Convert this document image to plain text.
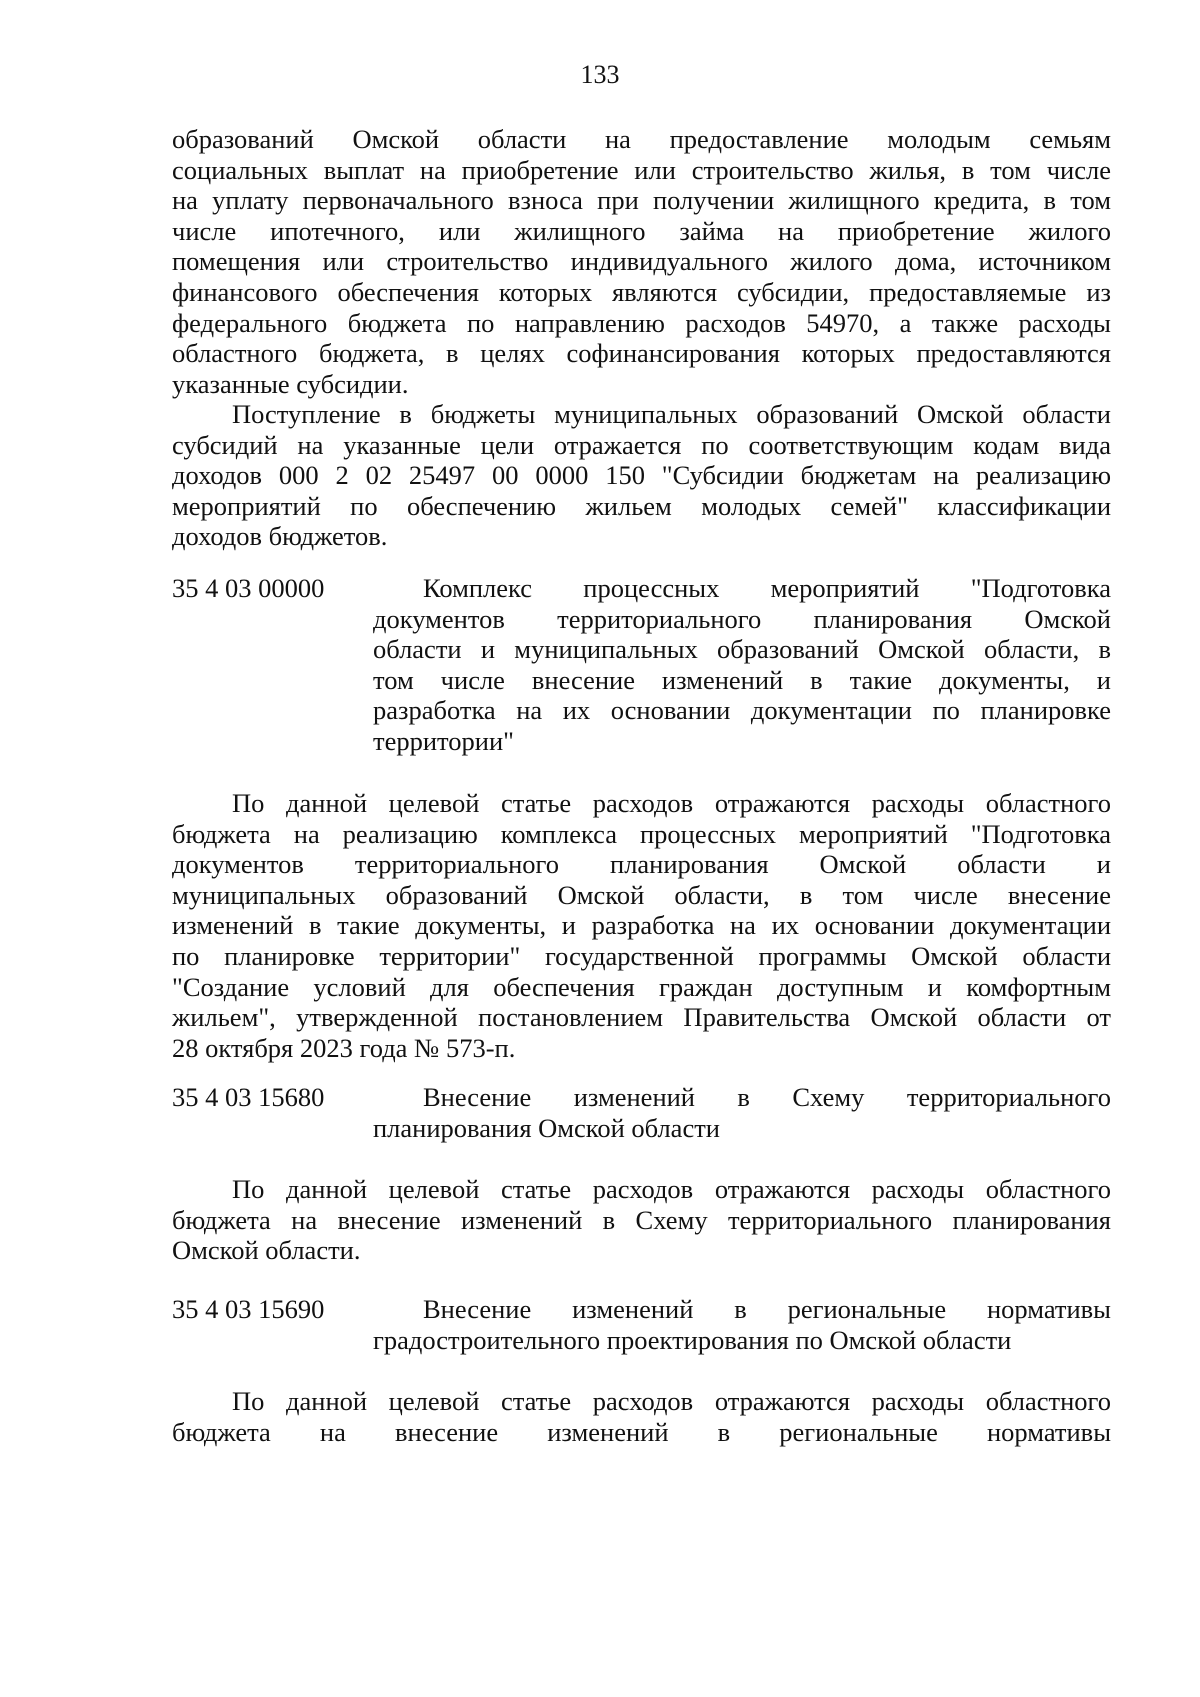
133
образований Омской области на предоставление молодым семьям
социальных выплат на приобретение или строительство жилья, в том числе
на уплату первоначального взноса при получении жилищного кредита, в том
числе ипотечного, или жилищного займа на приобретение жилого
помещения или строительство индивидуального жилого дома, источником
финансового обеспечения которых являются субсидии, предоставляемые из
федерального бюджета по направлению расходов 54970, а также расходы
областного бюджета, в целях софинансирования которых предоставляются
указанные субсидии.
Поступление в бюджеты муниципальных образований Омской области
субсидий на указанные цели отражается по соответствующим кодам вида
доходов 000 2 02 25497 00 0000 150 "Субсидии бюджетам на реализацию
мероприятий по обеспечению жильем молодых семей" классификации
доходов бюджетов.
35 4 03 00000	Комплекс процессных мероприятий "Подготовка
документов территориального планирования Омской
области и муниципальных образований Омской области, в
том числе внесение изменений в такие документы, и
разработка на их основании документации по планировке
территории"
По данной целевой статье расходов отражаются расходы областного
бюджета на реализацию комплекса процессных мероприятий "Подготовка
документов территориального планирования Омской области и
муниципальных образований Омской области, в том числе внесение
изменений в такие документы, и разработка на их основании документации
по планировке территории" государственной программы Омской области
"Создание условий для обеспечения граждан доступным и комфортным
жильем", утвержденной постановлением Правительства Омской области от
28 октября 2023 года № 573-п.
35 4 03 15680	Внесение изменений в Схему территориального
планирования Омской области
По данной целевой статье расходов отражаются расходы областного
бюджета на внесение изменений в Схему территориального планирования
Омской области.
35 4 03 15690	Внесение изменений в региональные нормативы
градостроительного проектирования по Омской области
По данной целевой статье расходов отражаются расходы областного
бюджета на внесение изменений в региональные нормативы
